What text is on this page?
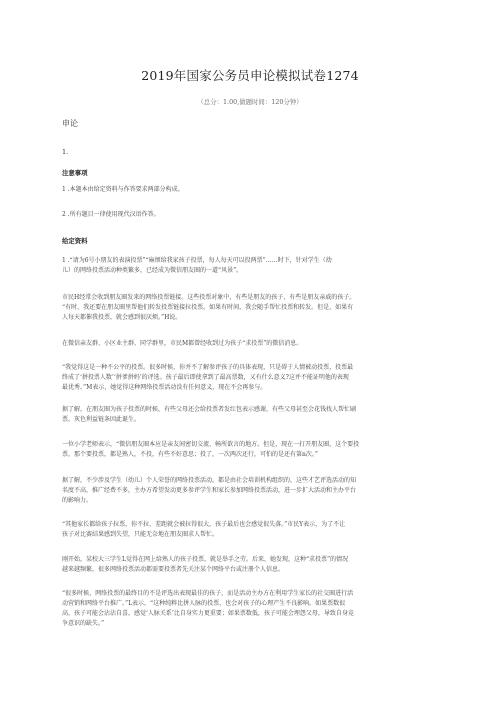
2019年国家公务员申论模拟试卷1274
（总分：1.00,做题时间：120分钟）
申论
1.
注意事项
1 .本题本由给定资料与作答要求两部分构成。
2 .所有题目一律使用现代汉语作答。
给定资料

1 .“请为6号小朋友的表演投票”“麻烦给我家孩子投票，每人每天可以投两票”……时下，针对学生（幼

儿）的网络投票活动种类繁多，已经成为微信朋友圈的一道“风景”。

市民H经常会收到朋友圈发来的网络投票链接。这些投票对象中，有些是朋友的孩子，有些是朋友亲戚的孩子。

“有时，我还要在朋友圈里帮他们转发投票链接拉投票。如果有时间，我会随手帮忙投票和转发。但是，如果有

人每天都催我投票，就会感到很厌烦。”H说。

在微信亲友群、小区业主群、同学群里，市民M都曾经收到过为孩子“求投票”的微信消息。

“我觉得这是一种不公平的投票。很多时候，你并不了解参评孩子的具体表现，只是碍于人情被动投票，投票最

终成了‘拼投票人数’‘拼爹拼妈’的评选。孩子最后即使拿到了最高票数，又有什么意义?这并不能证明他的表现

最优秀。”M表示，她觉得这种网络投票活动没有任何意义，现在不会再参与。

据了解，在朋友圈为孩子投票的时候，有些父母还会给投票者发红包表示感谢，有些父母甚至会花钱找人帮忙刷

票，灰色利益链条因此诞生。

一位小学老师表示，“微信朋友圈本应是亲友间密切交流、畅所欲言的地方。但是，现在一打开朋友圈，这个要投

票，那个要投票，都是熟人，不投，有些不好意思；投了，一次两次还行，可怕的是还有第n次。”

据了解，不少涉及学生（幼儿）个人荣誉的网络投票活动，都是由社会培训机构组织的，这些才艺评选活动的知

名度不高，推广经费不多，主办方希望发动更多参评学生和家长参加网络投票活动，进一步扩大活动和主办平台

的影响力。

“其他家长都给孩子拉票，你不拉，差距就会被拉得很大，孩子最后也会感觉很失落。”市民Y表示，为了不让

孩子对比赛结果感到失望，只能无奈地在朋友圈求人帮忙。

刚开始，某校大三学生L觉得在网上给熟人的孩子投票，就是举手之劳。后来，她发现，这种“求投票”的情况

越来越频繁，很多网络投票活动都需要投票者先关注某个网络平台或注册个人信息。

“很多时候，网络投票的最终目的不是评选出表现最佳的孩子，而是活动主办方在利用学生家长的社交圈进行活

动营销和网络平台推广。”L表示，“这种纯粹比拼人脉的投票，也会对孩子的心理产生不良影响。如果票数很

高，孩子可能会沾沾自喜，感觉‘人脉关系’比自身实力更重要；如果票数低，孩子可能会埋怨父母，导致自身竞

争意识的缺失。”
